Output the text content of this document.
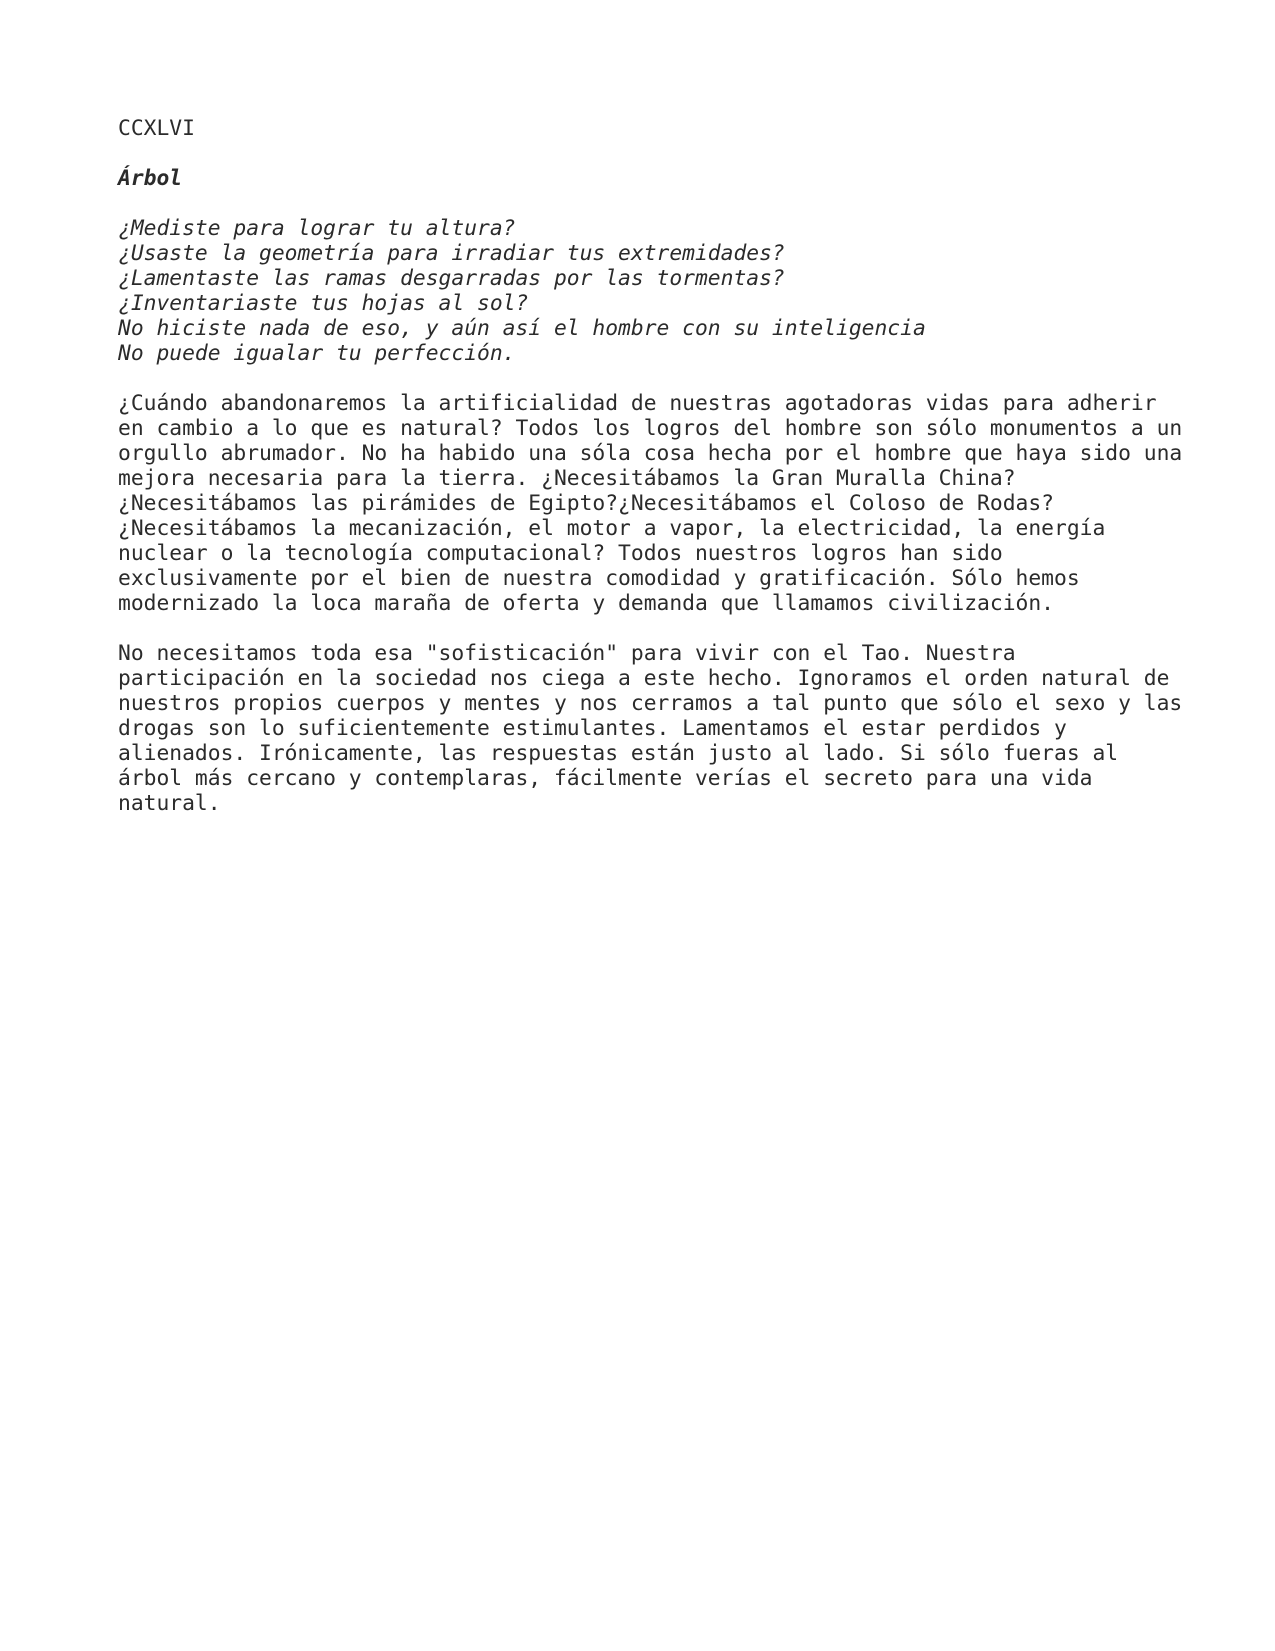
CCXLVI
Árbol
¿Mediste para lograr tu altura?
¿Usaste la geometría para irradiar tus extremidades?
¿Lamentaste las ramas desgarradas por las tormentas?
¿Inventariaste tus hojas al sol?
No hiciste nada de eso, y aún así el hombre con su inteligencia
No puede igualar tu perfección.
¿Cuándo abandonaremos la artificialidad de nuestras agotadoras vidas para adherir
en cambio a lo que es natural? Todos los logros del hombre son sólo monumentos a un
orgullo abrumador. No ha habido una sóla cosa hecha por el hombre que haya sido una
mejora necesaria para la tierra. ¿Necesitábamos la Gran Muralla China?
¿Necesitábamos las pirámides de Egipto?¿Necesitábamos el Coloso de Rodas?
¿Necesitábamos la mecanización, el motor a vapor, la electricidad, la energía
nuclear o la tecnología computacional? Todos nuestros logros han sido
exclusivamente por el bien de nuestra comodidad y gratificación. Sólo hemos
modernizado la loca maraña de oferta y demanda que llamamos civilización.
No necesitamos toda esa "sofisticación" para vivir con el Tao. Nuestra
participación en la sociedad nos ciega a este hecho. Ignoramos el orden natural de
nuestros propios cuerpos y mentes y nos cerramos a tal punto que sólo el sexo y las
drogas son lo suficientemente estimulantes. Lamentamos el estar perdidos y
alienados. Irónicamente, las respuestas están justo al lado. Si sólo fueras al
árbol más cercano y contemplaras, fácilmente verías el secreto para una vida
natural.
